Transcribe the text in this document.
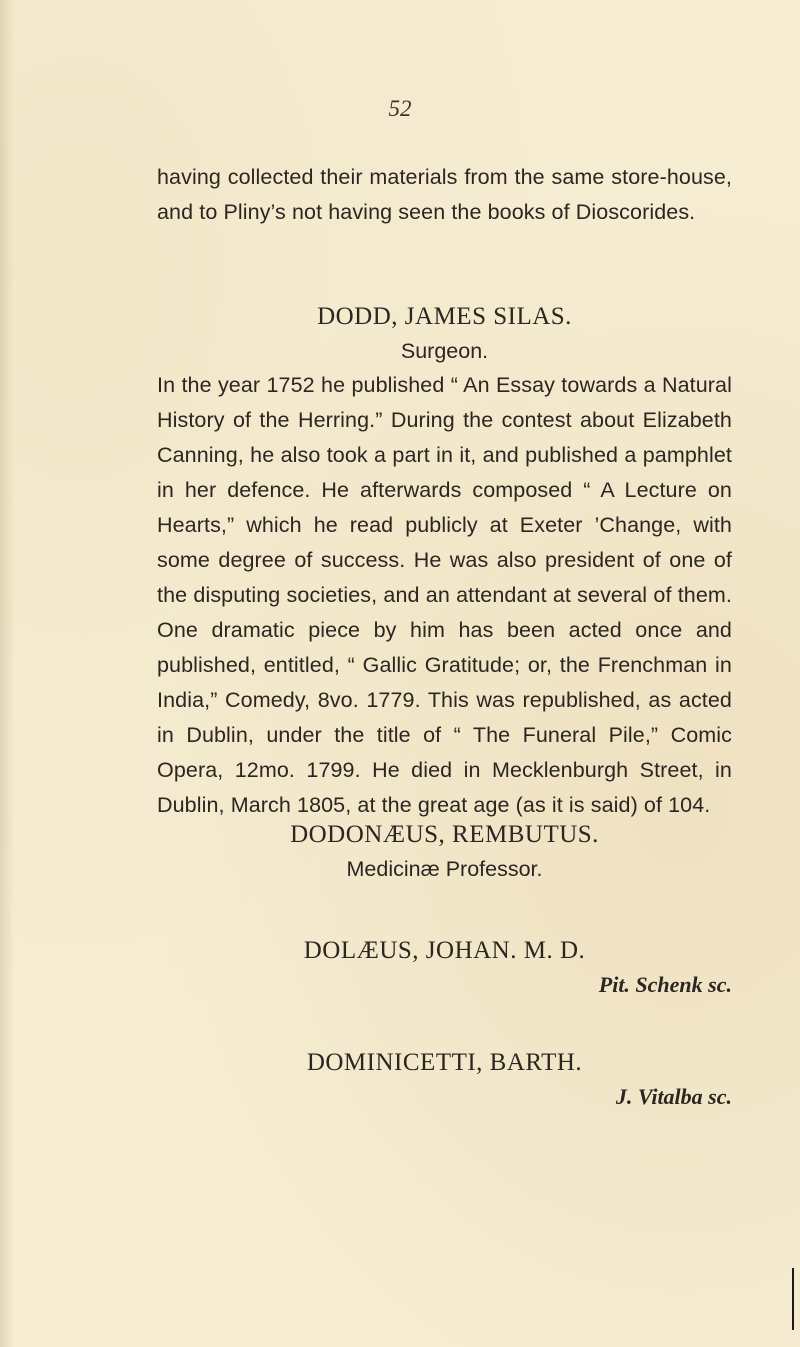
52

having collected their materials from the same store-house, and to Pliny’s not having seen the books of Dioscorides.

DODD, JAMES SILAS.
Surgeon.

In the year 1752 he published “ An Essay towards a Natural History of the Herring.” During the contest about Elizabeth Canning, he also took a part in it, and published a pamphlet in her defence. He afterwards composed “ A Lecture on Hearts,” which he read publicly at Exeter ’Change, with some degree of success. He was also president of one of the disputing societies, and an attendant at several of them. One dramatic piece by him has been acted once and published, entitled, “ Gallic Gratitude; or, the Frenchman in India,” Comedy, 8vo. 1779. This was republished, as acted in Dublin, under the title of “ The Funeral Pile,” Comic Opera, 12mo. 1799. He died in Mecklenburgh Street, in Dublin, March 1805, at the great age (as it is said) of 104.

DODONÆUS, REMBUTUS.
Medicinæ Professor.
DOLÆUS, JOHAN. M. D.
Pit. Schenk sc.
DOMINICETTI, BARTH.
J. Vitalba sc.
